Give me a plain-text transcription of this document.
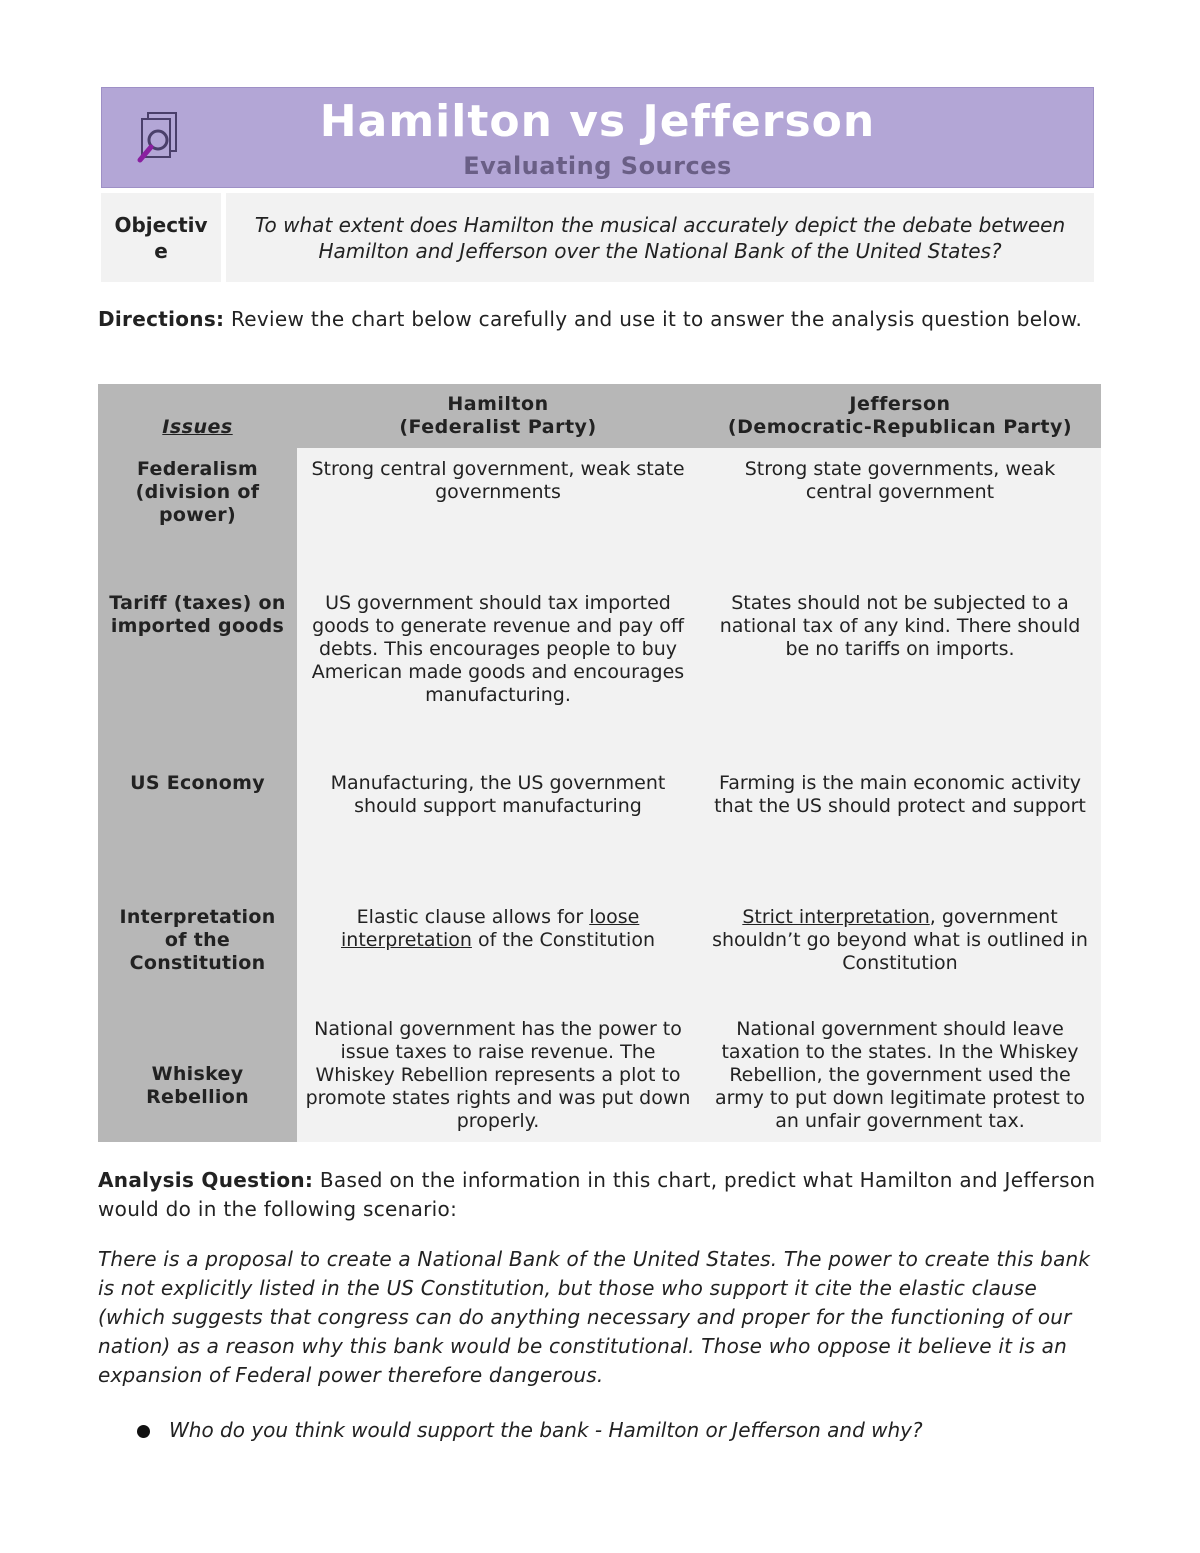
Hamilton vs Jefferson
Evaluating Sources
Objective
To what extent does Hamilton the musical accurately depict the debate between Hamilton and Jefferson over the National Bank of the United States?
Directions: Review the chart below carefully and use it to answer the analysis question below.
Issues
Hamilton
(Federalist Party)
Jefferson
(Democratic-Republican Party)
Federalism (division of power)
Strong central government, weak state governments
Strong state governments, weak central government
Tariff (taxes) on imported goods
US government should tax imported goods to generate revenue and pay off debts. This encourages people to buy American made goods and encourages manufacturing.
States should not be subjected to a national tax of any kind. There should be no tariffs on imports.
US Economy	Manufacturing, the US government should support manufacturing
Farming is the main economic activity that the US should protect and support
Interpretation of the Constitution
Elastic clause allows for loose interpretation of the Constitution
Strict interpretation, government shouldn’t go beyond what is outlined in Constitution
Whiskey Rebellion
National government has the power to issue taxes to raise revenue. The Whiskey Rebellion represents a plot to promote states rights and was put down properly.
National government should leave taxation to the states. In the Whiskey Rebellion, the government used the army to put down legitimate protest to an unfair government tax.
Analysis Question: Based on the information in this chart, predict what Hamilton and Jefferson would do in the following scenario:
There is a proposal to create a National Bank of the United States. The power to create this bank is not explicitly listed in the US Constitution, but those who support it cite the elastic clause (which suggests that congress can do anything necessary and proper for the functioning of our nation) as a reason why this bank would be constitutional. Those who oppose it believe it is an expansion of Federal power therefore dangerous.
Who do you think would support the bank - Hamilton or Jefferson and why?
